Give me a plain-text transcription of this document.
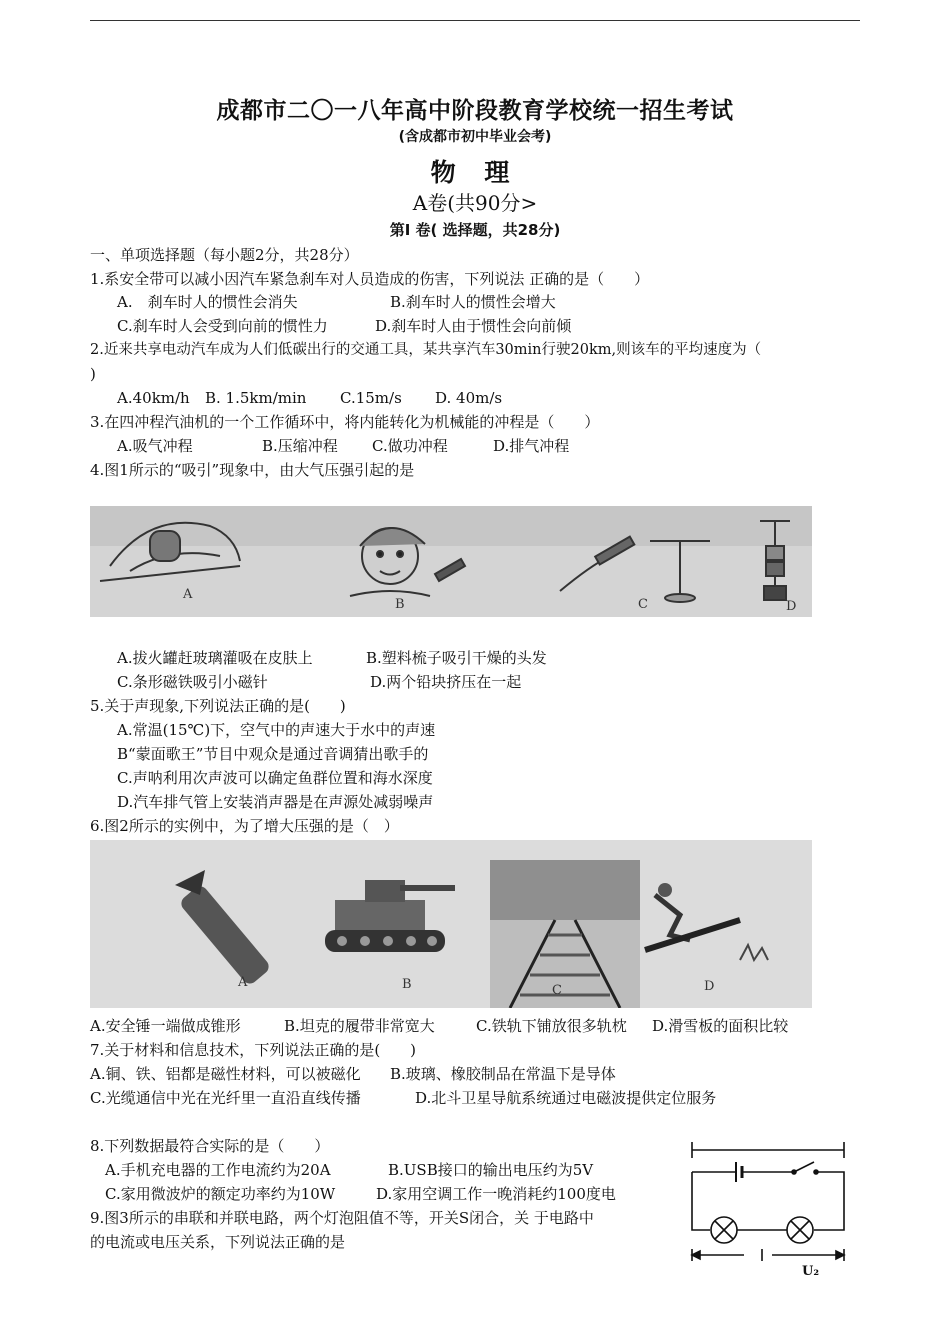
成都市二〇一八年高中阶段教育学校统一招生考试
(含成都市初中毕业会考)
物 理
A卷(共90分>
第I 卷( 选择题，共28分)
一、单项选择题（每小题2分，共28分）
1.系安全带可以减小因汽车紧急刹车对人员造成的伤害，下列说法 正确的是（　　）
A.　刹车时人的惯性会消失	B.刹车时人的惯性会增大
C.刹车时人会受到向前的惯性力	D.刹车时人由于惯性会向前倾
2.近来共享电动汽车成为人们低碳出行的交通工具，某共享汽车30min行驶20km,则该车的平均速度为（
)
A.40km/h B. 1.5km/min C.15m/s D. 40m/s
3.在四冲程汽油机的一个工作循环中，将内能转化为机械能的冲程是（　　）
A.吸气冲程	B.压缩冲程 C.做功冲程	D.排气冲程
4.图1所示的“吸引”现象中，由大气压强引起的是
A
B	C	D
A.拔火罐赶玻璃灌吸在皮肤上	B.塑料梳子吸引干燥的头发
C.条形磁铁吸引小磁针	D.两个铅块挤压在一起
5.关于声现象,下列说法正确的是(　　)
A.常温(15℃)下，空气中的声速大于水中的声速
B“蒙面歌王”节目中观众是通过音调猜出歌手的
C.声呐利用次声波可以确定鱼群位置和海水深度
D.汽车排气管上安装消声器是在声源处减弱噪声
6.图2所示的实例中，为了增大压强的是（　）
A	B	C	D
A.安全锤一端做成锥形	B.坦克的履带非常宽大	C.铁轨下铺放很多轨枕 D.滑雪板的面积比较
7.关于材料和信息技术，下列说法正确的是(　　)
A.铜、铁、铝都是磁性材料，可以被磁化 B.玻璃、橡胶制品在常温下是导体
C.光缆通信中光在光纤里一直沿直线传播	D.北斗卫星导航系统通过电磁波提供定位服务
8.下列数据最符合实际的是（　　）
A.手机充电器的工作电流约为20A	B.USB接口的输出电压约为5V
C.家用微波炉的额定功率约为10W	D.家用空调工作一晚消耗约100度电
9.图3所示的串联和并联电路，两个灯泡阻值不等，开关S闭合，关 于电路中
的电流或电压关系，下列说法正确的是
U₂
